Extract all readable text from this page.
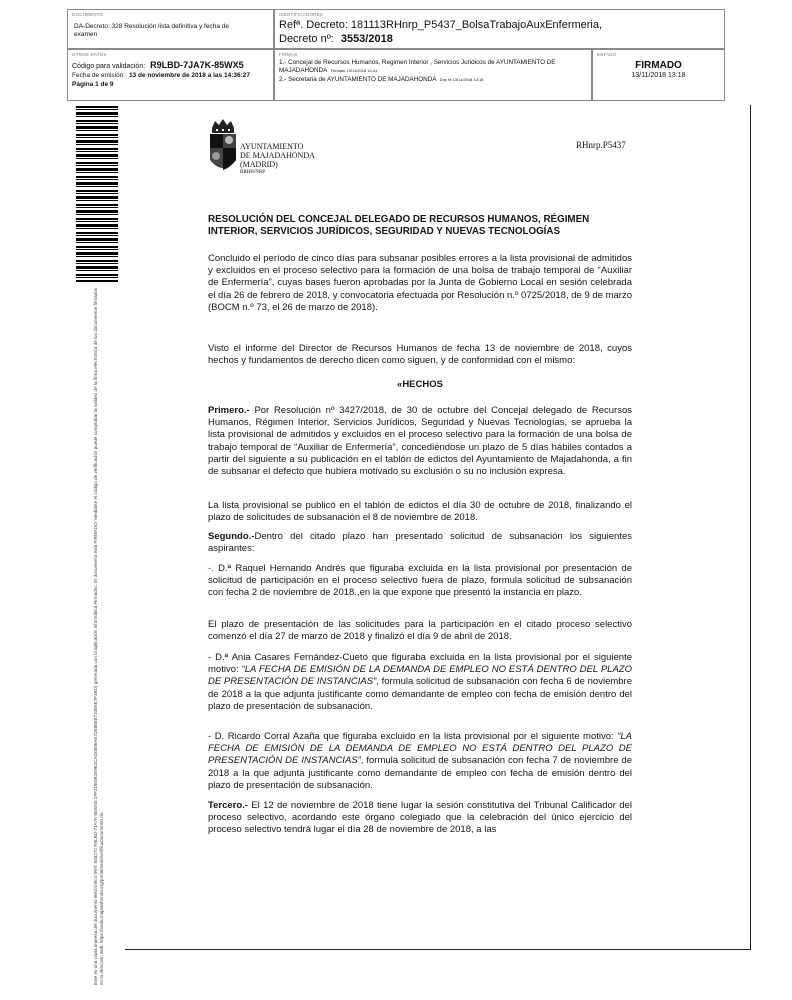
DOCUMENTO
DA-Decreto: 328 Resolución lista definitiva y fecha de examen
IDENTIFICADORES
Refª. Decreto: 181113RHnrp_P5437_BolsaTrabajoAuxEnfermeria,
Decreto nº: 3553/2018
OTROS DATOS
Código para validación: R9LBD-7JA7K-85WX5
Fecha de emisión: 13 de noviembre de 2018 a las 14:36:27
Página 1 de 9
FIRMAS
1.- Concejal de Recursos Humanos, Regimen Interior , Servicios Juridicos de AYUNTAMIENTO DE MAJADAHONDA Firmado 13/11/2018 12:41
2.- Secretaria de AYUNTAMIENTO DE MAJADAHONDA Doy fe 13/11/2018 13:18
ESTADO
FIRMADO
13/11/2018 13:18
Este es una copia impresa del documento electrónico (Ref: 848272 R9LBD-7JA7K-85WX5 2FF3DE0B2E9E2CAD0895AE72E85E8710E6E7F4BD) generada con la aplicación informática Firmadoc. El documento está FIRMADO. Mediante el código de verificación puede comprobar la validez de la firma electrónica de los documentos firmados en la dirección web: https://sede.majadahonda.org/portal/sede/verificaDocumento.do
AYUNTAMIENTO
DE MAJADAHONDA
(MADRID)
RRHH/NRP
RHnrp.P5437
RESOLUCIÓN DEL CONCEJAL DELEGADO DE RECURSOS HUMANOS, RÉGIMEN INTERIOR, SERVICIOS JURÍDICOS, SEGURIDAD Y NUEVAS TECNOLOGÍAS
Concluido el período de cinco días para subsanar posibles errores a la lista provisional de admitidos y excluidos en el proceso selectivo para la formación de una bolsa de trabajo temporal de “Auxiliar de Enfermería”, cuyas bases fueron aprobadas por la Junta de Gobierno Local en sesión celebrada el día 26 de febrero de 2018, y convocatoria efectuada por Resolución n.º 0725/2018, de 9 de marzo (BOCM n.º 73, el 26 de marzo de 2018).
Visto el informe del Director de Recursos Humanos de fecha 13 de noviembre de 2018, cuyos hechos y fundamentos de derecho dicen como siguen, y de conformidad con el mismo:
«HECHOS
Primero.- Por Resolución nº 3427/2018, de 30 de octubre del Concejal delegado de Recursos Humanos, Régimen Interior, Servicios Jurídicos, Seguridad y Nuevas Tecnologías, se aprueba la lista provisional de admitidos y excluidos en el proceso selectivo para la formación de una bolsa de trabajo temporal de “Auxiliar de Enfermería”, concediéndose un plazo de 5 días hábiles contados a partir del siguiente a su publicación en el tablón de edictos del Ayuntamiento de Majadahonda, a fin de subsanar el defecto que hubiera motivado su exclusión o su no inclusión expresa.
La lista provisional se publicó en el tablón de edictos el día 30 de octubre de 2018, finalizando el plazo de solicitudes de subsanación el 8 de noviembre de 2018.
Segundo.-Dentro del citado plazo han presentado solicitud de subsanación los siguientes aspirantes:
-. D.ª Raquel Hernando Andrés que figuraba excluida en la lista provisional por presentación de solicitud de participación en el proceso selectivo fuera de plazo, formula solicitud de subsanación con fecha 2 de noviembre de 2018.,en la que expone que presentó la instancia en plazo.
El plazo de presentación de las solicitudes para la participación en el citado proceso selectivo comenzó el día 27 de marzo de 2018 y finalizó el día 9 de abril de 2018.
- D.ª Ania Casares Fernández-Cueto que figuraba excluida en la lista provisional por el siguiente motivo: “LA FECHA DE EMISIÓN DE LA DEMANDA DE EMPLEO NO ESTÁ DENTRO DEL PLAZO DE PRESENTACIÓN DE INSTANCIAS”, formula solicitud de subsanación con fecha 6 de noviembre de 2018 a la que adjunta justificante como demandante de empleo con fecha de emisión dentro del plazo de presentación de subsanación.
- D. Ricardo Corral Azaña que figuraba excluido en la lista provisional por el siguiente motivo: “LA FECHA DE EMISIÓN DE LA DEMANDA DE EMPLEO NO ESTÁ DENTRO DEL PLAZO DE PRESENTACIÓN DE INSTANCIAS”, formula solicitud de subsanación con fecha 7 de noviembre de 2018 a la que adjunta justificante como demandante de empleo con fecha de emisión dentro del plazo de presentación de subsanación.
Tercero.- El 12 de noviembre de 2018 tiene lugar la sesión constitutiva del Tribunal Calificador del proceso selectivo, acordando este órgano colegiado que la celebración del único ejercicio del proceso selectivo tendrá lugar el día 28 de noviembre de 2018, a las
